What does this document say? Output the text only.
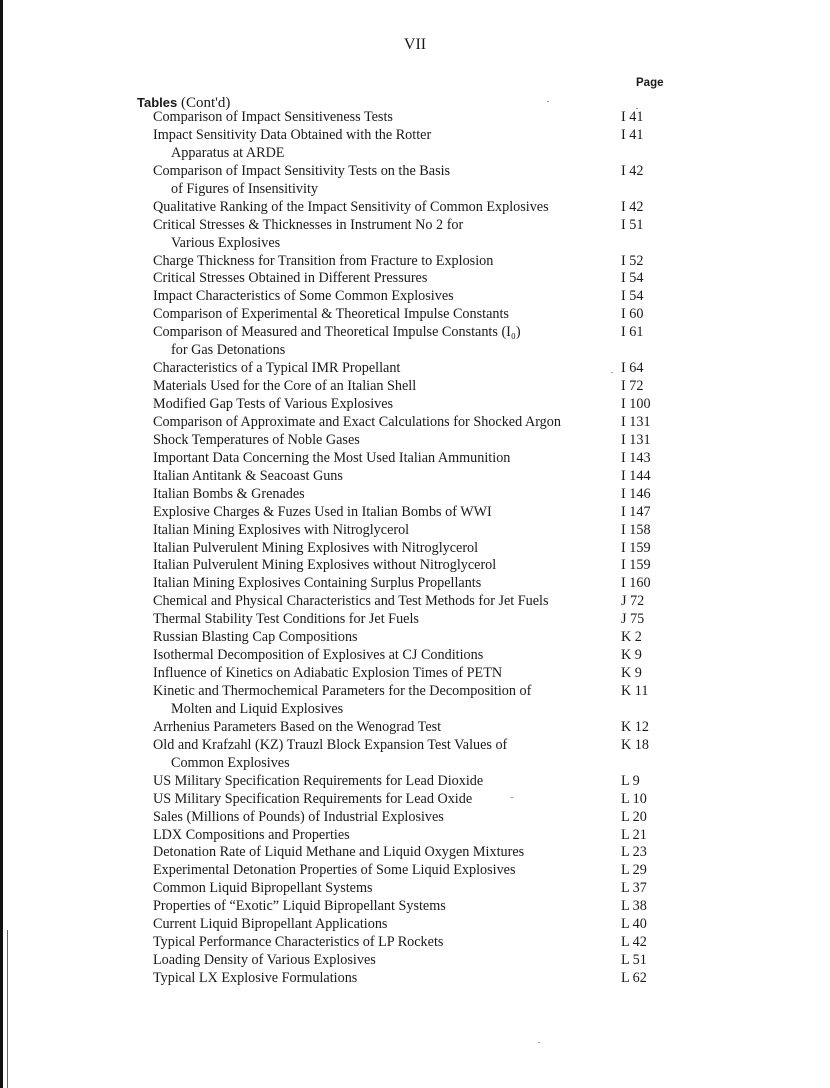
VII
Page
Tables (Cont'd)
Comparison of Impact Sensitiveness Tests	I 41
Impact Sensitivity Data Obtained with the Rotter	I 41
Apparatus at ARDE
Comparison of Impact Sensitivity Tests on the Basis	I 42
of Figures of Insensitivity
Qualitative Ranking of the Impact Sensitivity of Common Explosives	I 42
Critical Stresses & Thicknesses in Instrument No 2 for	I 51
Various Explosives
Charge Thickness for Transition from Fracture to Explosion	I 52
Critical Stresses Obtained in Different Pressures	I 54
Impact Characteristics of Some Common Explosives	I 54
Comparison of Experimental & Theoretical Impulse Constants	I 60
Comparison of Measured and Theoretical Impulse Constants (I₀)	I 61
for Gas Detonations
Characteristics of a Typical IMR Propellant	I 64
Materials Used for the Core of an Italian Shell	I 72
Modified Gap Tests of Various Explosives	I 100
Comparison of Approximate and Exact Calculations for Shocked Argon	I 131
Shock Temperatures of Noble Gases	I 131
Important Data Concerning the Most Used Italian Ammunition	I 143
Italian Antitank & Seacoast Guns	I 144
Italian Bombs & Grenades	I 146
Explosive Charges & Fuzes Used in Italian Bombs of WWI	I 147
Italian Mining Explosives with Nitroglycerol	I 158
Italian Pulverulent Mining Explosives with Nitroglycerol	I 159
Italian Pulverulent Mining Explosives without Nitroglycerol	I 159
Italian Mining Explosives Containing Surplus Propellants	I 160
Chemical and Physical Characteristics and Test Methods for Jet Fuels	J 72
Thermal Stability Test Conditions for Jet Fuels	J 75
Russian Blasting Cap Compositions	K 2
Isothermal Decomposition of Explosives at CJ Conditions	K 9
Influence of Kinetics on Adiabatic Explosion Times of PETN	K 9
Kinetic and Thermochemical Parameters for the Decomposition of	K 11
Molten and Liquid Explosives
Arrhenius Parameters Based on the Wenograd Test	K 12
Old and Krafzahl (KZ) Trauzl Block Expansion Test Values of	K 18
Common Explosives
US Military Specification Requirements for Lead Dioxide	L 9
US Military Specification Requirements for Lead Oxide	L 10
Sales (Millions of Pounds) of Industrial Explosives	L 20
LDX Compositions and Properties	L 21
Detonation Rate of Liquid Methane and Liquid Oxygen Mixtures	L 23
Experimental Detonation Properties of Some Liquid Explosives	L 29
Common Liquid Bipropellant Systems	L 37
Properties of “Exotic” Liquid Bipropellant Systems	L 38
Current Liquid Bipropellant Applications	L 40
Typical Performance Characteristics of LP Rockets	L 42
Loading Density of Various Explosives	L 51
Typical LX Explosive Formulations	L 62
